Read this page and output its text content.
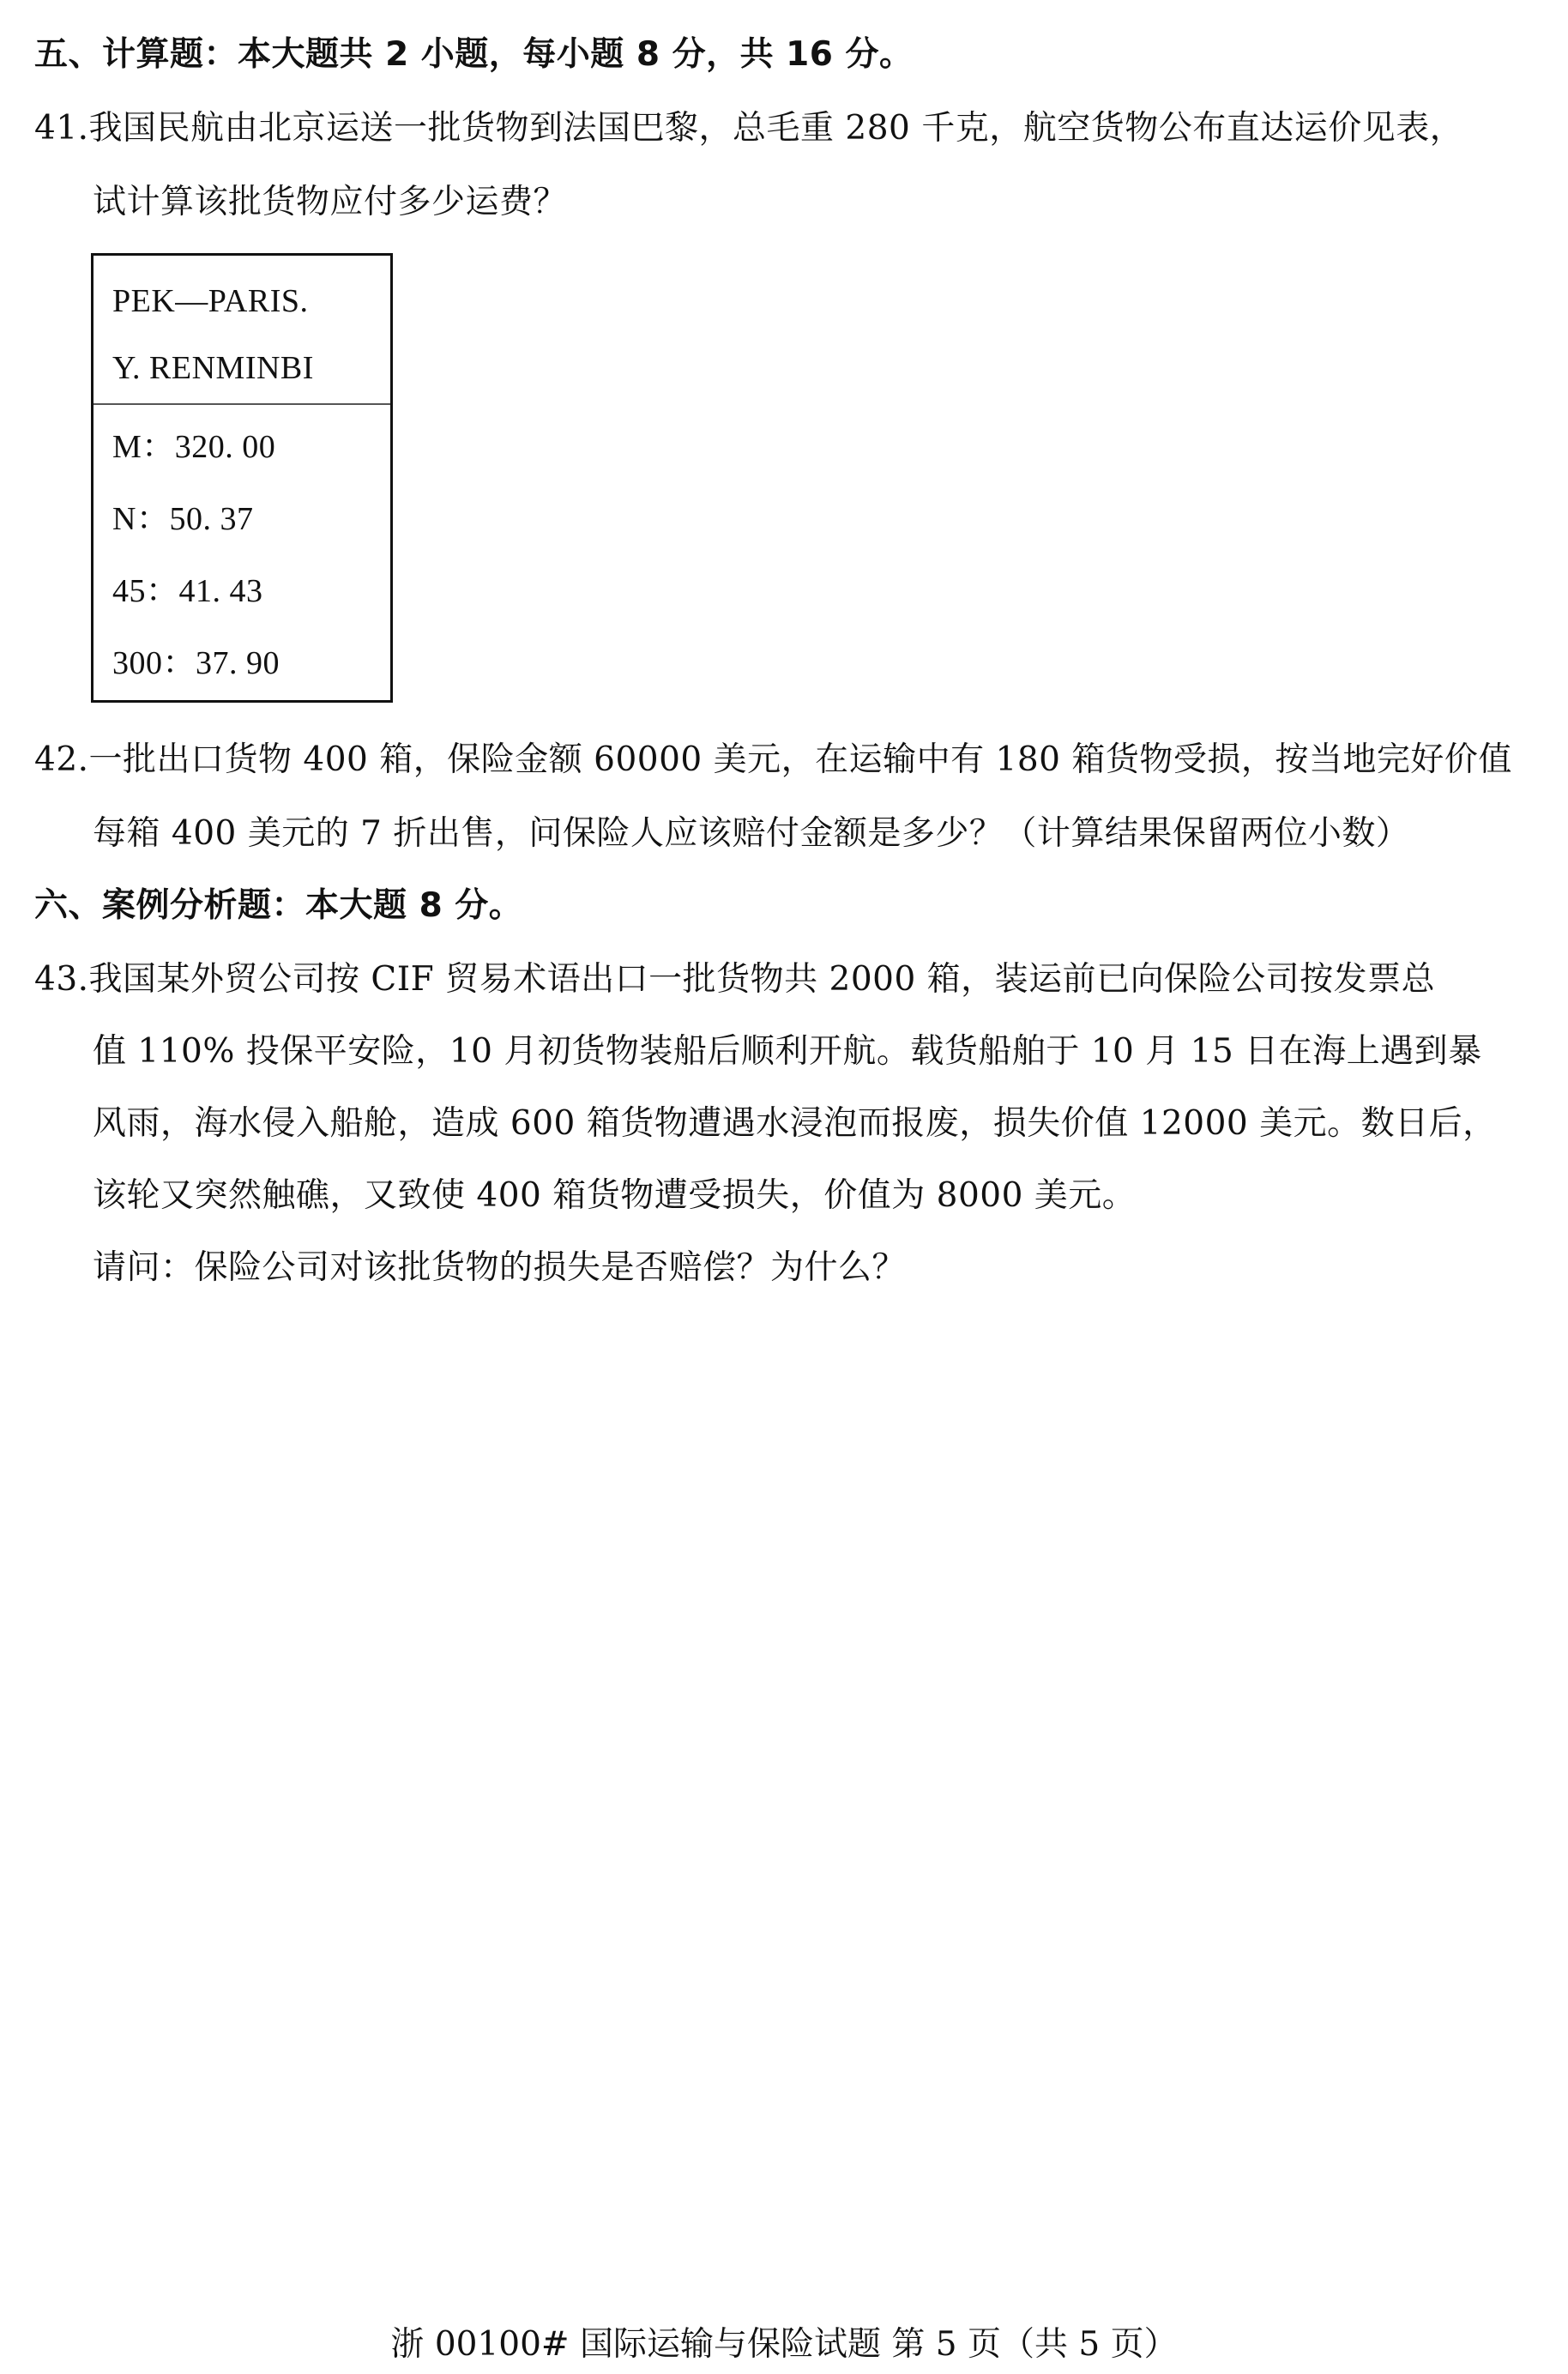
五、计算题：本大题共 2 小题，每小题 8 分，共 16 分。
41.我国民航由北京运送一批货物到法国巴黎，总毛重 280 千克，航空货物公布直达运价见表，
试计算该批货物应付多少运费？
PEK—PARIS.
Y. RENMINBI
M：320. 00
N：50. 37
45：41. 43
300：37. 90
42.一批出口货物 400 箱，保险金额 60000 美元，在运输中有 180 箱货物受损，按当地完好价值
每箱 400 美元的 7 折出售，问保险人应该赔付金额是多少？（计算结果保留两位小数）
六、案例分析题：本大题 8 分。
43.我国某外贸公司按 CIF 贸易术语出口一批货物共 2000 箱，装运前已向保险公司按发票总
值 110% 投保平安险，10 月初货物装船后顺利开航。载货船舶于 10 月 15 日在海上遇到暴
风雨，海水侵入船舱，造成 600 箱货物遭遇水浸泡而报废，损失价值 12000 美元。数日后，
该轮又突然触礁，又致使 400 箱货物遭受损失，价值为 8000 美元。
请问：保险公司对该批货物的损失是否赔偿？为什么？
浙 00100# 国际运输与保险试题 第 5 页（共 5 页）
